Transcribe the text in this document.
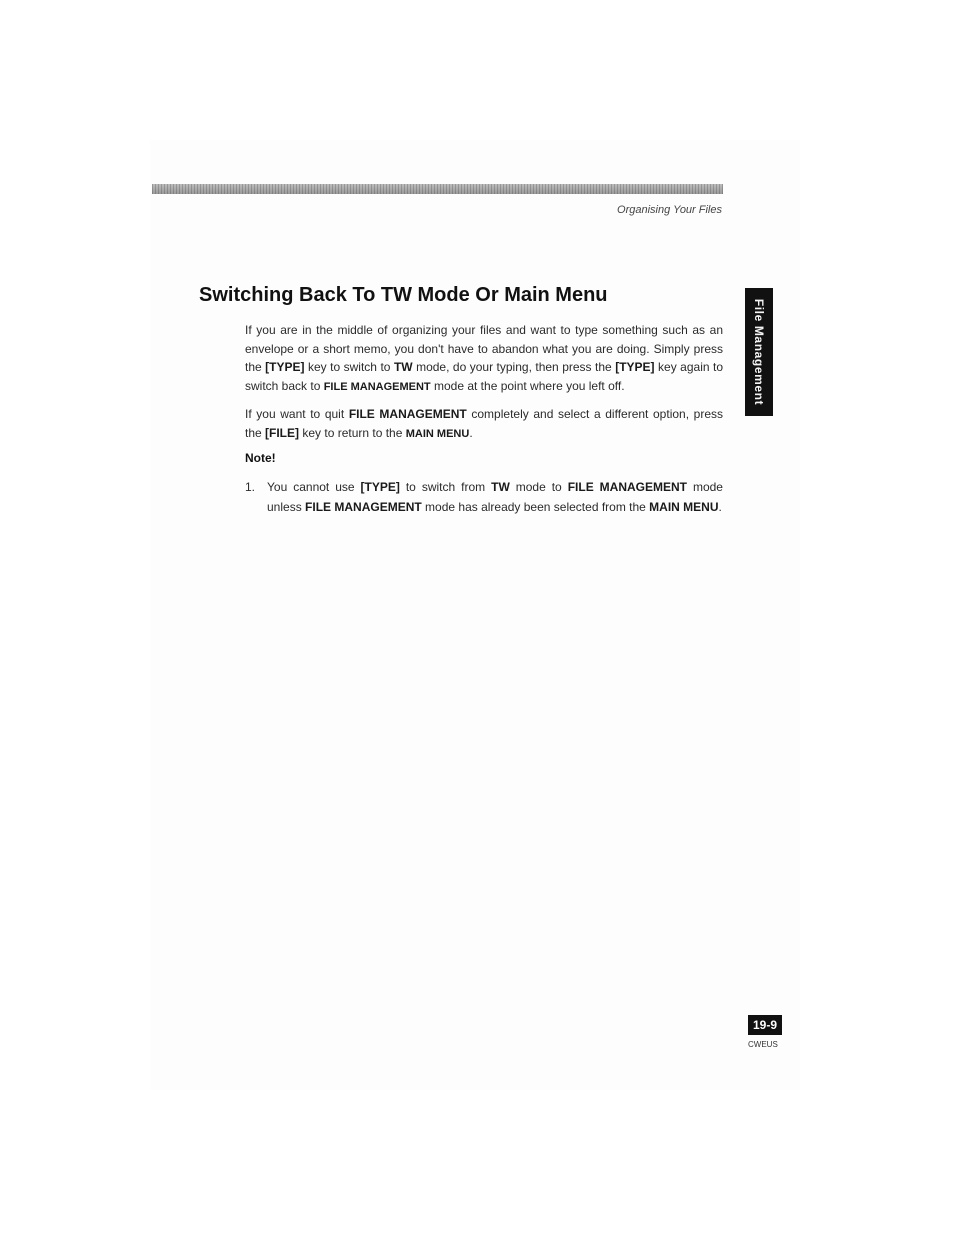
Organising Your Files
Switching Back To TW Mode Or Main Menu
File Management

If you are in the middle of organizing your files and want to type something such as an envelope or a short memo, you don't have to abandon what you are doing. Simply press the [TYPE] key to switch to TW mode, do your typing, then press the [TYPE] key again to switch back to FILE MANAGEMENT mode at the point where you left off.

If you want to quit FILE MANAGEMENT completely and select a different option, press the [FILE] key to return to the MAIN MENU.

Note!

1. You cannot use [TYPE] to switch from TW mode to FILE MANAGEMENT mode unless FILE MANAGEMENT mode has already been selected from the MAIN MENU.
19-9
CWEUS
